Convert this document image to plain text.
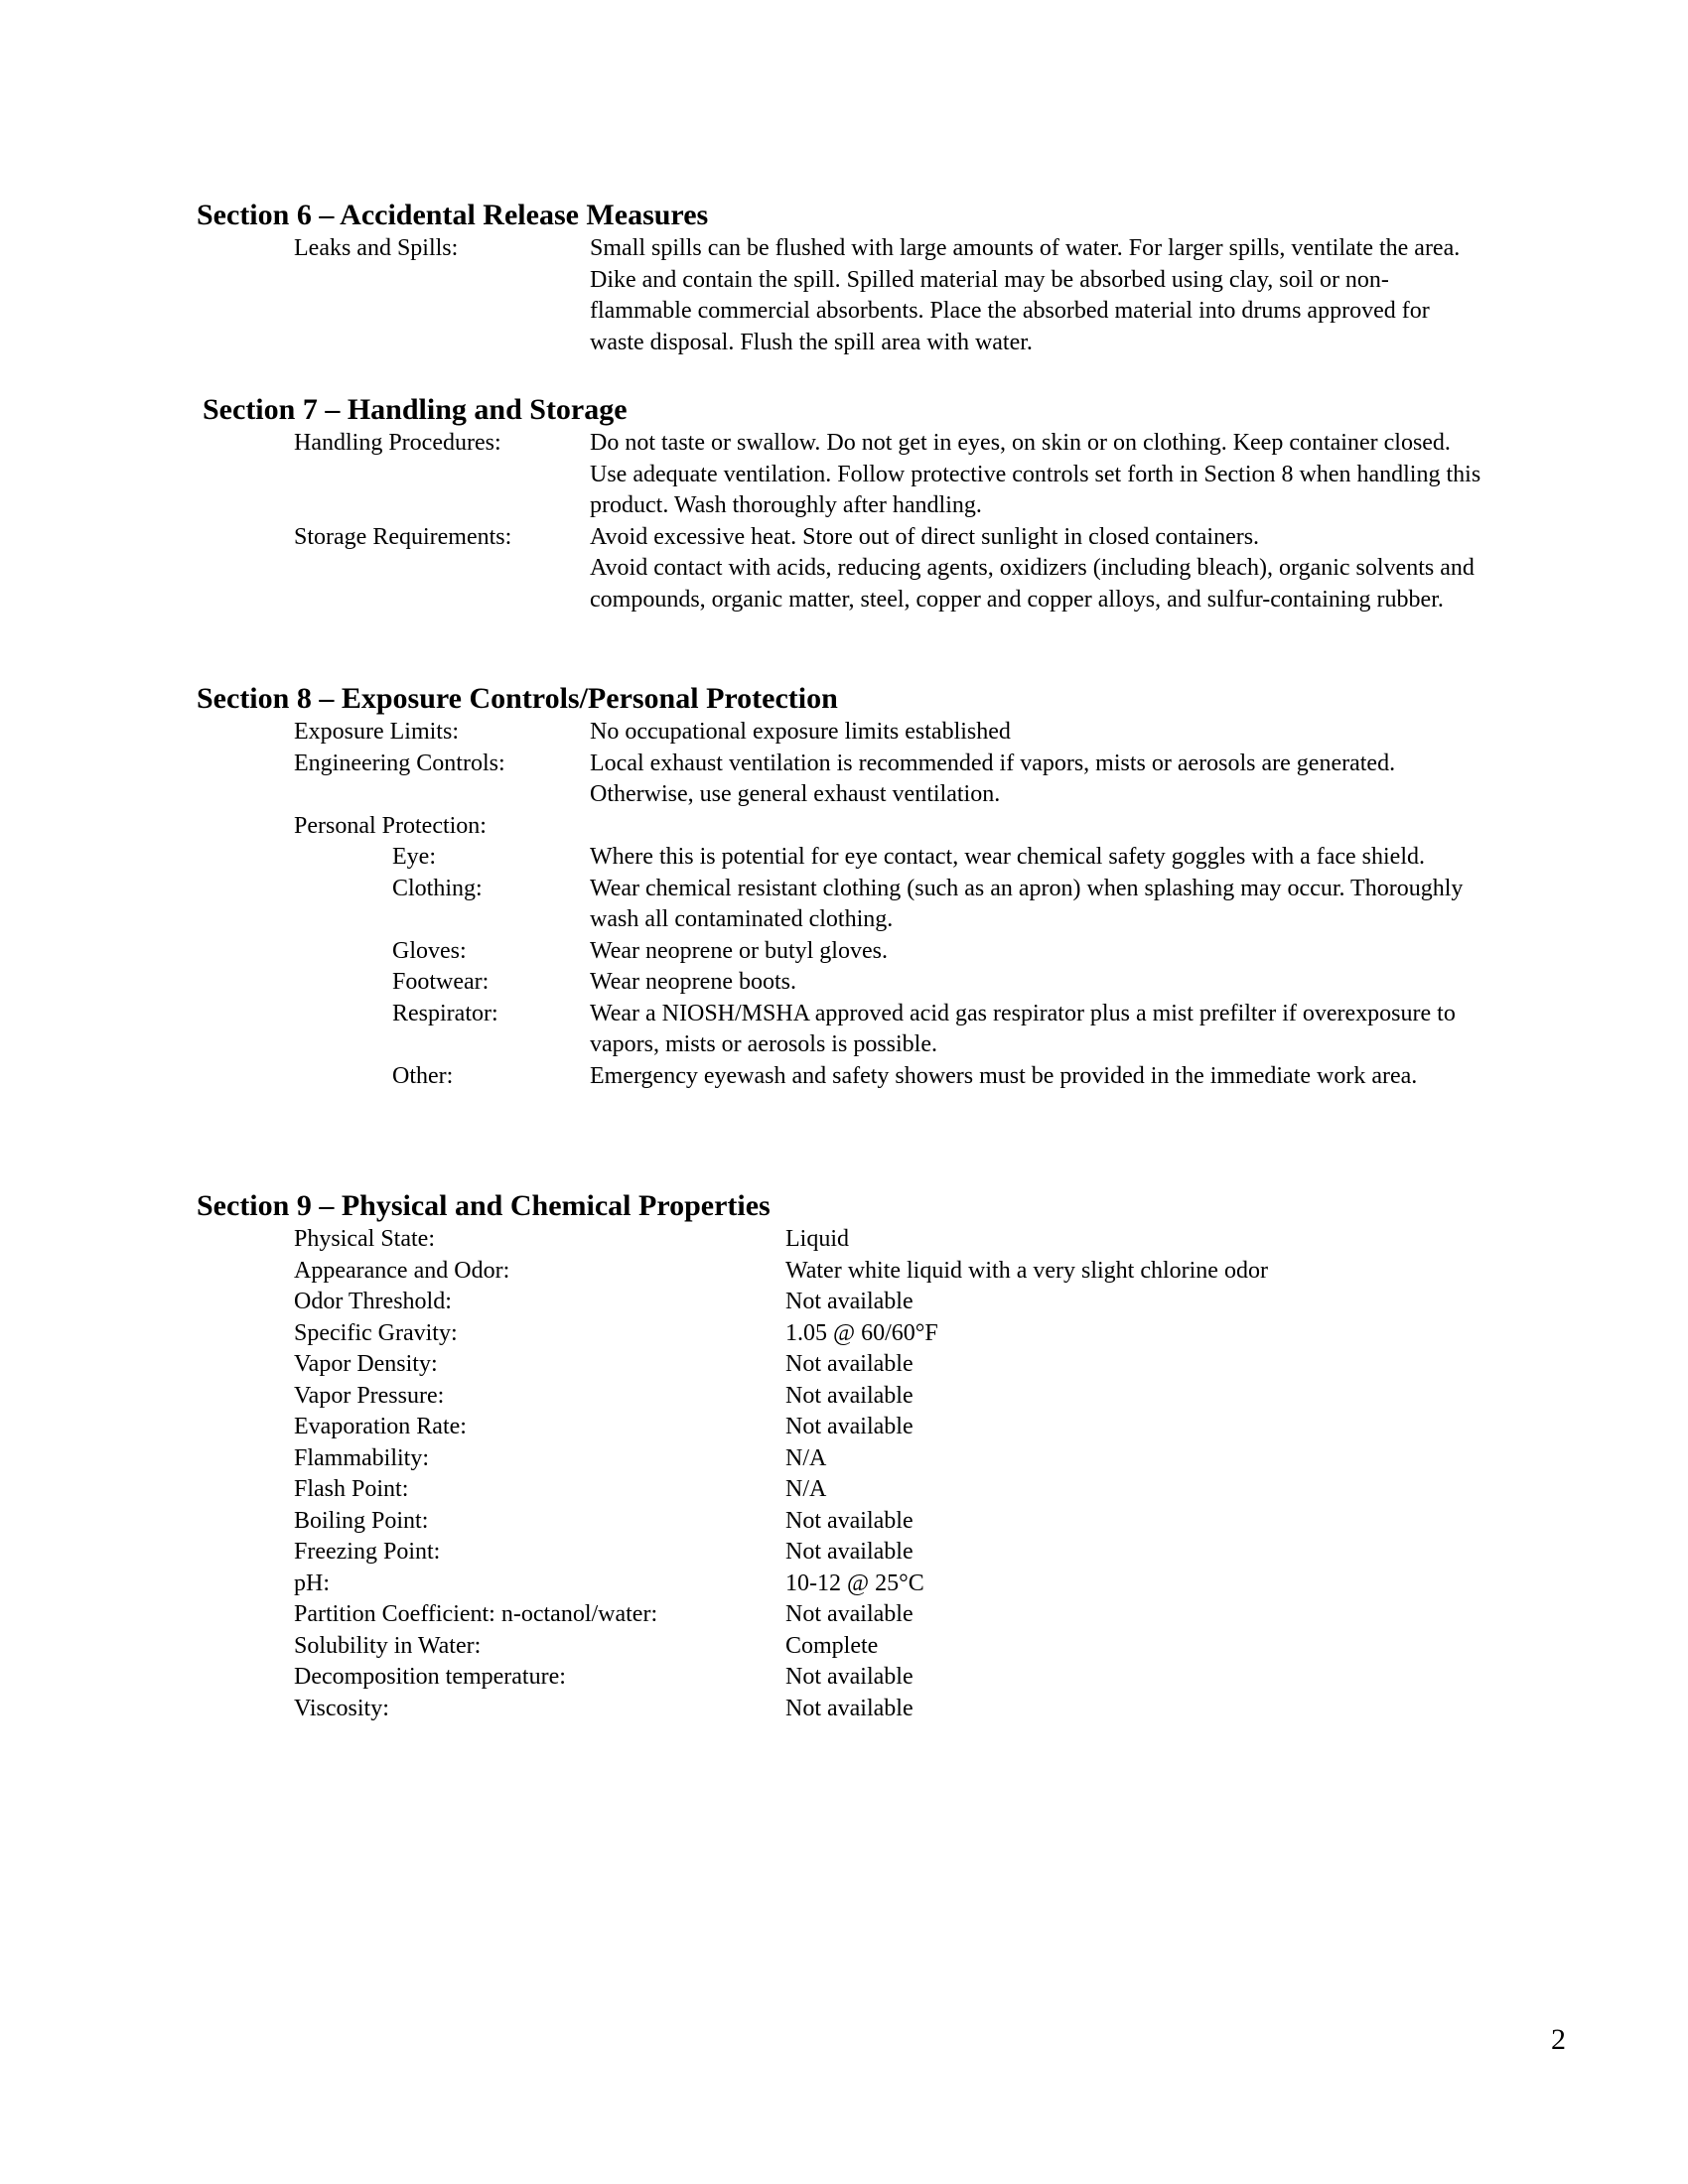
Section 6 – Accidental Release Measures
Leaks and Spills:	Small spills can be flushed with large amounts of water. For larger spills, ventilate the area. Dike and contain the spill. Spilled material may be absorbed using clay, soil or non-flammable commercial absorbents. Place the absorbed material into drums approved for waste disposal. Flush the spill area with water.
Section 7 – Handling and Storage
Handling Procedures:	Do not taste or swallow. Do not get in eyes, on skin or on clothing. Keep container closed. Use adequate ventilation. Follow protective controls set forth in Section 8 when handling this product. Wash thoroughly after handling.
Storage Requirements:	Avoid excessive heat. Store out of direct sunlight in closed containers.
Avoid contact with acids, reducing agents, oxidizers (including bleach), organic solvents and compounds, organic matter, steel, copper and copper alloys, and sulfur-containing rubber.
Section 8 – Exposure Controls/Personal Protection
Exposure Limits:	No occupational exposure limits established
Engineering Controls:	Local exhaust ventilation is recommended if vapors, mists or aerosols are generated. Otherwise, use general exhaust ventilation.
Personal Protection:
Eye:	Where this is potential for eye contact, wear chemical safety goggles with a face shield.
Clothing:	Wear chemical resistant clothing (such as an apron) when splashing may occur. Thoroughly wash all contaminated clothing.
Gloves:	Wear neoprene or butyl gloves.
Footwear:	Wear neoprene boots.
Respirator:	Wear a NIOSH/MSHA approved acid gas respirator plus a mist prefilter if overexposure to vapors, mists or aerosols is possible.
Other:	Emergency eyewash and safety showers must be provided in the immediate work area.
Section 9 – Physical and Chemical Properties
Physical State:	Liquid
Appearance and Odor:	Water white liquid with a very slight chlorine odor
Odor Threshold:	Not available
Specific Gravity:	1.05 @ 60/60°F
Vapor Density:	Not available
Vapor Pressure:	Not available
Evaporation Rate:	Not available
Flammability:	N/A
Flash Point:	N/A
Boiling Point:	Not available
Freezing Point:	Not available
pH:	10-12 @ 25°C
Partition Coefficient: n-octanol/water:	Not available
Solubility in Water:	Complete
Decomposition temperature:	Not available
Viscosity:	Not available
2
